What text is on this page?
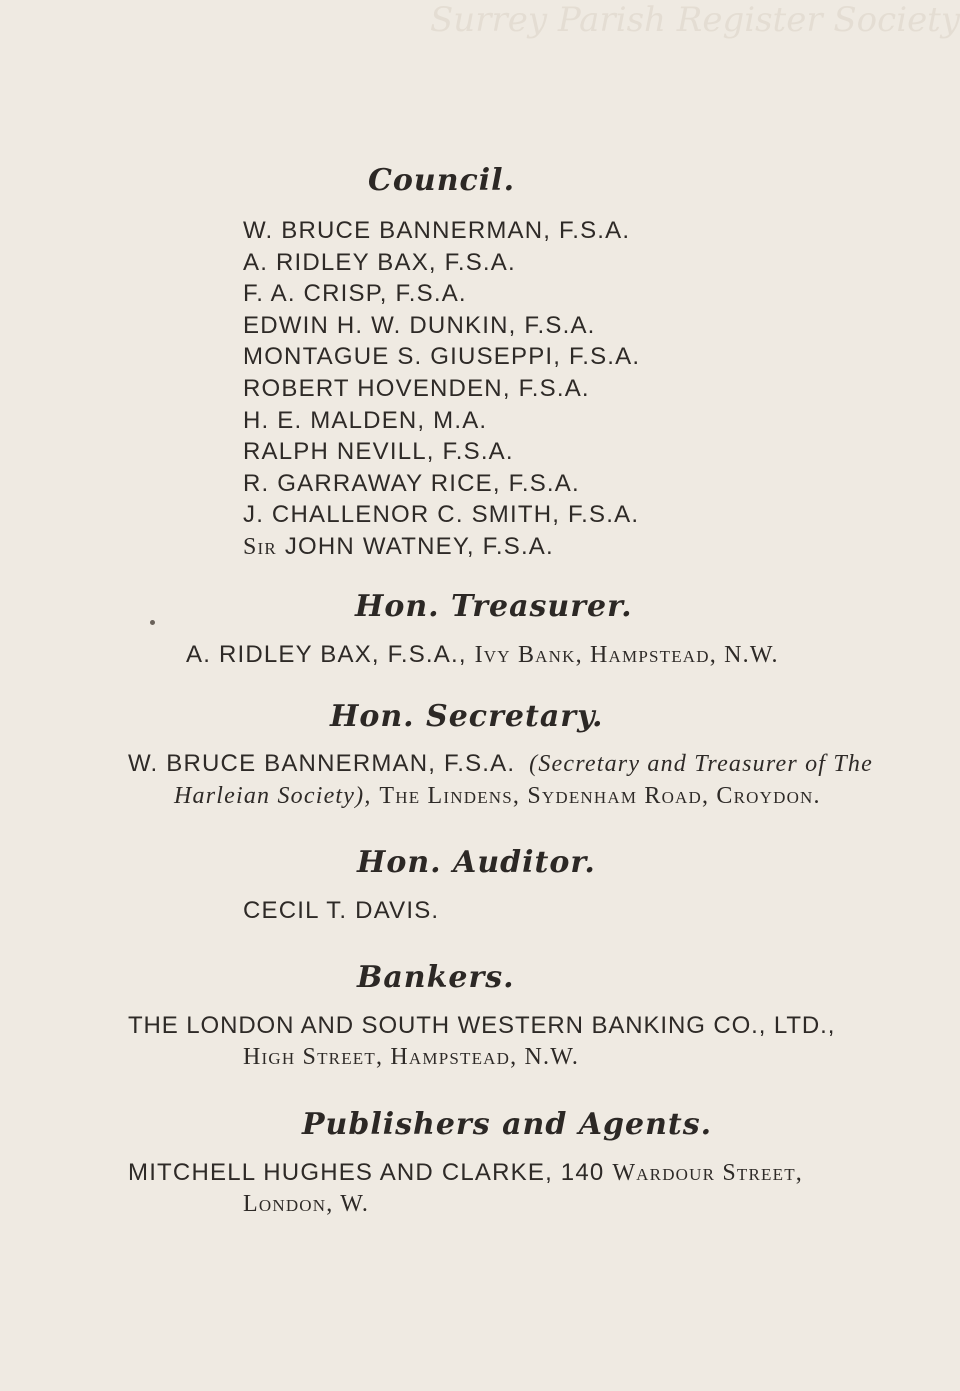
Surrey Parish Register Society
Council.
W. BRUCE BANNERMAN, F.S.A.
A. RIDLEY BAX, F.S.A.
F. A. CRISP, F.S.A.
EDWIN H. W. DUNKIN, F.S.A.
MONTAGUE S. GIUSEPPI, F.S.A.
ROBERT HOVENDEN, F.S.A.
H. E. MALDEN, M.A.
RALPH NEVILL, F.S.A.
R. GARRAWAY RICE, F.S.A.
J. CHALLENOR C. SMITH, F.S.A.
Sir JOHN WATNEY, F.S.A.
Hon. Treasurer.
A. RIDLEY BAX, F.S.A., Ivy Bank, Hampstead, N.W.
Hon. Secretary.
W. BRUCE BANNERMAN, F.S.A. (Secretary and Treasurer of The
Harleian Society), The Lindens, Sydenham Road, Croydon.
Hon. Auditor.
CECIL T. DAVIS.
Bankers.
THE LONDON AND SOUTH WESTERN BANKING CO., LTD.,
High Street, Hampstead, N.W.
Publishers and Agents.
MITCHELL HUGHES AND CLARKE, 140 Wardour Street,
London, W.
